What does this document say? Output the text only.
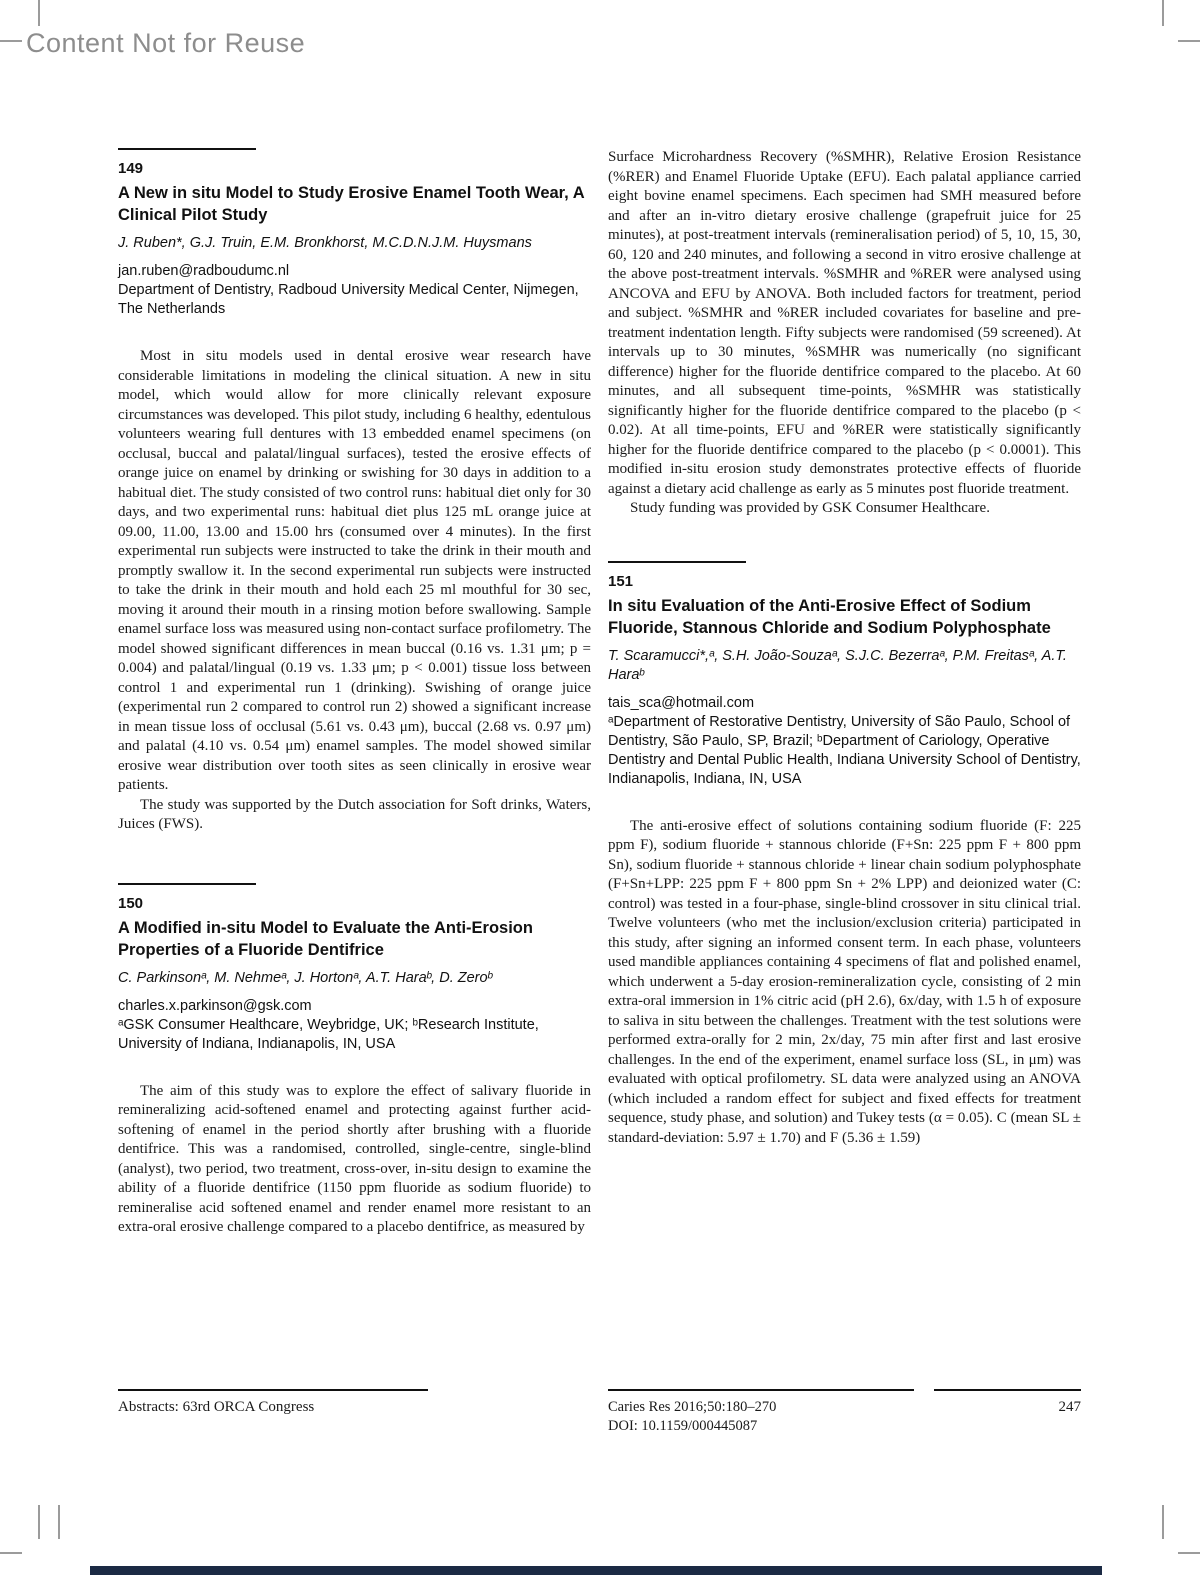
Content Not for Reuse
149
A New in situ Model to Study Erosive Enamel Tooth Wear, A Clinical Pilot Study

J. Ruben*, G.J. Truin, E.M. Bronkhorst, M.C.D.N.J.M. Huysmans

jan.ruben@radboudumc.nl

Department of Dentistry, Radboud University Medical Center, Nijmegen, The Netherlands

Most in situ models used in dental erosive wear research have considerable limitations in modeling the clinical situation. A new in situ model, which would allow for more clinically relevant exposure circumstances was developed. This pilot study, including 6 healthy, edentulous volunteers wearing full dentures with 13 embedded enamel specimens (on occlusal, buccal and palatal/lingual surfaces), tested the erosive effects of orange juice on enamel by drinking or swishing for 30 days in addition to a habitual diet. The study consisted of two control runs: habitual diet only for 30 days, and two experimental runs: habitual diet plus 125 mL orange juice at 09.00, 11.00, 13.00 and 15.00 hrs (consumed over 4 minutes). In the first experimental run subjects were instructed to take the drink in their mouth and promptly swallow it. In the second experimental run subjects were instructed to take the drink in their mouth and hold each 25 ml mouthful for 30 sec, moving it around their mouth in a rinsing motion before swallowing. Sample enamel surface loss was measured using non-contact surface profilometry. The model showed significant differences in mean buccal (0.16 vs. 1.31 μm; p = 0.004) and palatal/lingual (0.19 vs. 1.33 μm; p < 0.001) tissue loss between control 1 and experimental run 1 (drinking). Swishing of orange juice (experimental run 2 compared to control run 2) showed a significant increase in mean tissue loss of occlusal (5.61 vs. 0.43 μm), buccal (2.68 vs. 0.97 μm) and palatal (4.10 vs. 0.54 μm) enamel samples. The model showed similar erosive wear distribution over tooth sites as seen clinically in erosive wear patients.

The study was supported by the Dutch association for Soft drinks, Waters, Juices (FWS).

150
A Modified in-situ Model to Evaluate the Anti-Erosion Properties of a Fluoride Dentifrice

C. Parkinsonᵃ, M. Nehmeᵃ, J. Hortonᵃ, A.T. Haraᵇ, D. Zeroᵇ

charles.x.parkinson@gsk.com

ᵃGSK Consumer Healthcare, Weybridge, UK; ᵇResearch Institute, University of Indiana, Indianapolis, IN, USA

The aim of this study was to explore the effect of salivary fluoride in remineralizing acid-softened enamel and protecting against further acid-softening of enamel in the period shortly after brushing with a fluoride dentifrice. This was a randomised, controlled, single-centre, single-blind (analyst), two period, two treatment, cross-over, in-situ design to examine the ability of a fluoride dentifrice (1150 ppm fluoride as sodium fluoride) to remineralise acid softened enamel and render enamel more resistant to an extra-oral erosive challenge compared to a placebo dentifrice, as measured by

Surface Microhardness Recovery (%SMHR), Relative Erosion Resistance (%RER) and Enamel Fluoride Uptake (EFU). Each palatal appliance carried eight bovine enamel specimens. Each specimen had SMH measured before and after an in-vitro dietary erosive challenge (grapefruit juice for 25 minutes), at post-treatment intervals (remineralisation period) of 5, 10, 15, 30, 60, 120 and 240 minutes, and following a second in vitro erosive challenge at the above post-treatment intervals. %SMHR and %RER were analysed using ANCOVA and EFU by ANOVA. Both included factors for treatment, period and subject. %SMHR and %RER included covariates for baseline and pre-treatment indentation length. Fifty subjects were randomised (59 screened). At intervals up to 30 minutes, %SMHR was numerically (no significant difference) higher for the fluoride dentifrice compared to the placebo. At 60 minutes, and all subsequent time-points, %SMHR was statistically significantly higher for the fluoride dentifrice compared to the placebo (p < 0.02). At all time-points, EFU and %RER were statistically significantly higher for the fluoride dentifrice compared to the placebo (p < 0.0001). This modified in-situ erosion study demonstrates protective effects of fluoride against a dietary acid challenge as early as 5 minutes post fluoride treatment.

Study funding was provided by GSK Consumer Healthcare.

151
In situ Evaluation of the Anti-Erosive Effect of Sodium Fluoride, Stannous Chloride and Sodium Polyphosphate

T. Scaramucci*,ᵃ, S.H. João-Souzaᵃ, S.J.C. Bezerraᵃ, P.M. Freitasᵃ, A.T. Haraᵇ

tais_sca@hotmail.com

ᵃDepartment of Restorative Dentistry, University of São Paulo, School of Dentistry, São Paulo, SP, Brazil; ᵇDepartment of Cariology, Operative Dentistry and Dental Public Health, Indiana University School of Dentistry, Indianapolis, Indiana, IN, USA

The anti-erosive effect of solutions containing sodium fluoride (F: 225 ppm F), sodium fluoride + stannous chloride (F+Sn: 225 ppm F + 800 ppm Sn), sodium fluoride + stannous chloride + linear chain sodium polyphosphate (F+Sn+LPP: 225 ppm F + 800 ppm Sn + 2% LPP) and deionized water (C: control) was tested in a four-phase, single-blind crossover in situ clinical trial. Twelve volunteers (who met the inclusion/exclusion criteria) participated in this study, after signing an informed consent term. In each phase, volunteers used mandible appliances containing 4 specimens of flat and polished enamel, which underwent a 5-day erosion-remineralization cycle, consisting of 2 min extra-oral immersion in 1% citric acid (pH 2.6), 6x/day, with 1.5 h of exposure to saliva in situ between the challenges. Treatment with the test solutions were performed extra-orally for 2 min, 2x/day, 75 min after first and last erosive challenges. In the end of the experiment, enamel surface loss (SL, in μm) was evaluated with optical profilometry. SL data were analyzed using an ANOVA (which included a random effect for subject and fixed effects for treatment sequence, study phase, and solution) and Tukey tests (α = 0.05). C (mean SL ± standard-deviation: 5.97 ± 1.70) and F (5.36 ± 1.59)

Abstracts: 63rd ORCA Congress	Caries Res 2016;50:180–270
DOI: 10.1159/000445087
247
